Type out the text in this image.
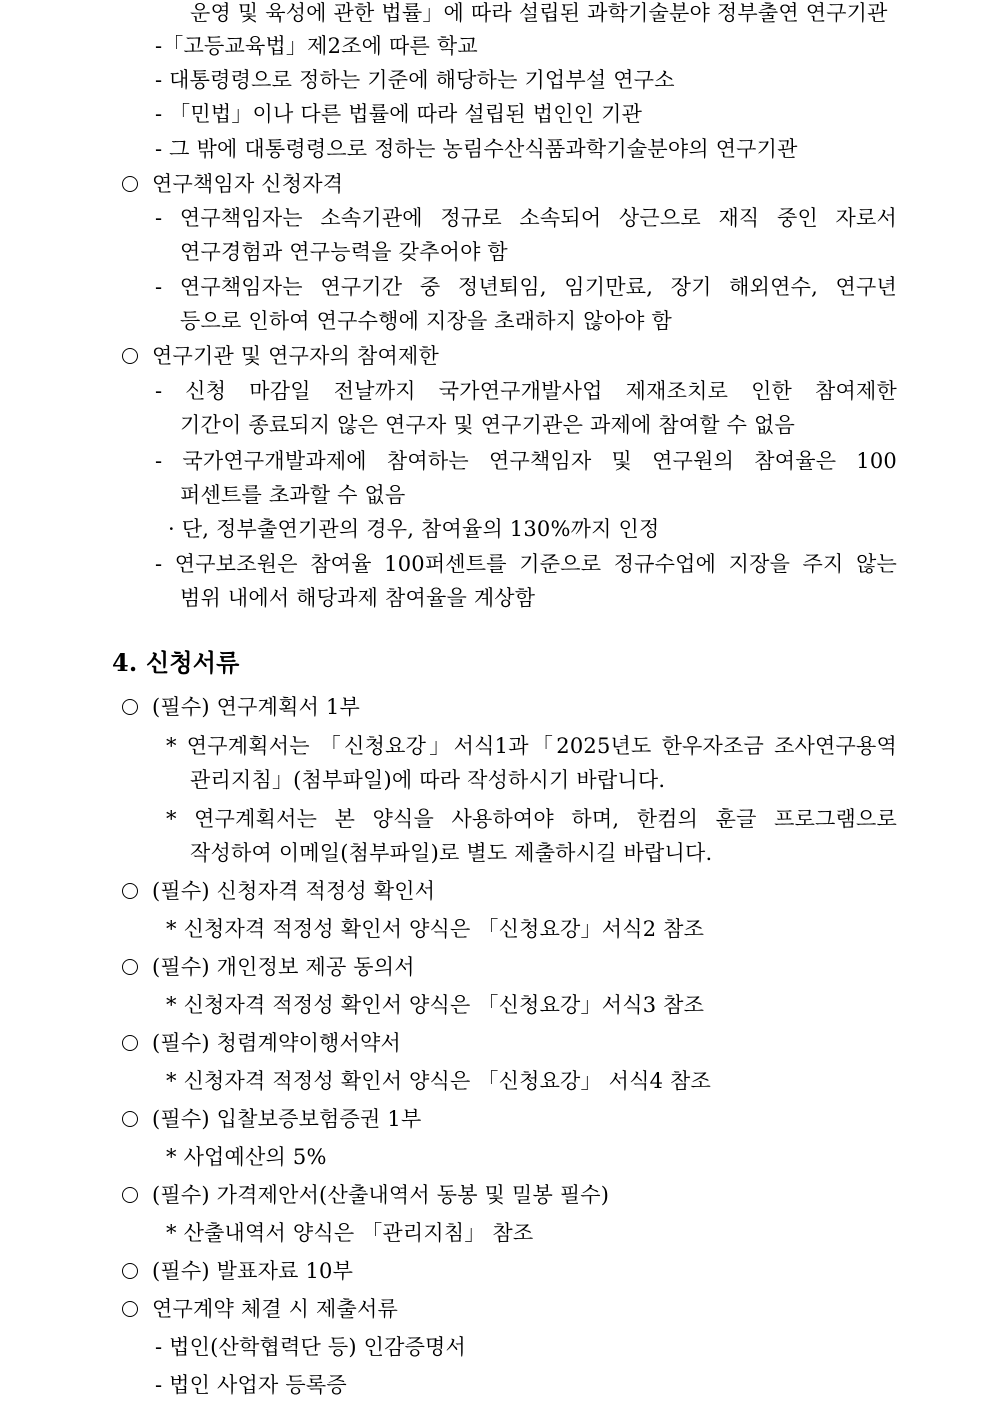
운영 및 육성에 관한 법률」에 따라 설립된 과학기술분야 정부출연 연구기관
-「고등교육법」제2조에 따른 학교
- 대통령령으로 정하는 기준에 해당하는 기업부설 연구소
- 「민법」이나 다른 법률에 따라 설립된 법인인 기관
- 그 밖에 대통령령으로 정하는 농림수산식품과학기술분야의 연구기관
연구책임자 신청자격
- 연구책임자는 소속기관에 정규로 소속되어 상근으로 재직 중인 자로서
연구경험과 연구능력을 갖추어야 함
- 연구책임자는 연구기간 중 정년퇴임, 임기만료, 장기 해외연수, 연구년
등으로 인하여 연구수행에 지장을 초래하지 않아야 함
연구기관 및 연구자의 참여제한
- 신청 마감일 전날까지 국가연구개발사업 제재조치로 인한 참여제한
기간이 종료되지 않은 연구자 및 연구기관은 과제에 참여할 수 없음
- 국가연구개발과제에 참여하는 연구책임자 및 연구원의 참여율은 100
퍼센트를 초과할 수 없음
· 단, 정부출연기관의 경우, 참여율의 130%까지 인정
- 연구보조원은 참여율 100퍼센트를 기준으로 정규수업에 지장을 주지 않는
범위 내에서 해당과제 참여율을 계상함
4. 신청서류
(필수) 연구계획서 1부
* 연구계획서는 「신청요강」서식1과「2025년도 한우자조금 조사연구용역
관리지침」(첨부파일)에 따라 작성하시기 바랍니다.
* 연구계획서는 본 양식을 사용하여야 하며, 한컴의 훈글 프로그램으로
작성하여 이메일(첨부파일)로 별도 제출하시길 바랍니다.
(필수) 신청자격 적정성 확인서
* 신청자격 적정성 확인서 양식은 「신청요강」서식2 참조
(필수) 개인정보 제공 동의서
* 신청자격 적정성 확인서 양식은 「신청요강」서식3 참조
(필수) 청렴계약이행서약서
* 신청자격 적정성 확인서 양식은 「신청요강」 서식4 참조
(필수) 입찰보증보험증권 1부
* 사업예산의 5%
(필수) 가격제안서(산출내역서 동봉 및 밀봉 필수)
* 산출내역서 양식은 「관리지침」 참조
(필수) 발표자료 10부
연구계약 체결 시 제출서류
- 법인(산학협력단 등) 인감증명서
- 법인 사업자 등록증
